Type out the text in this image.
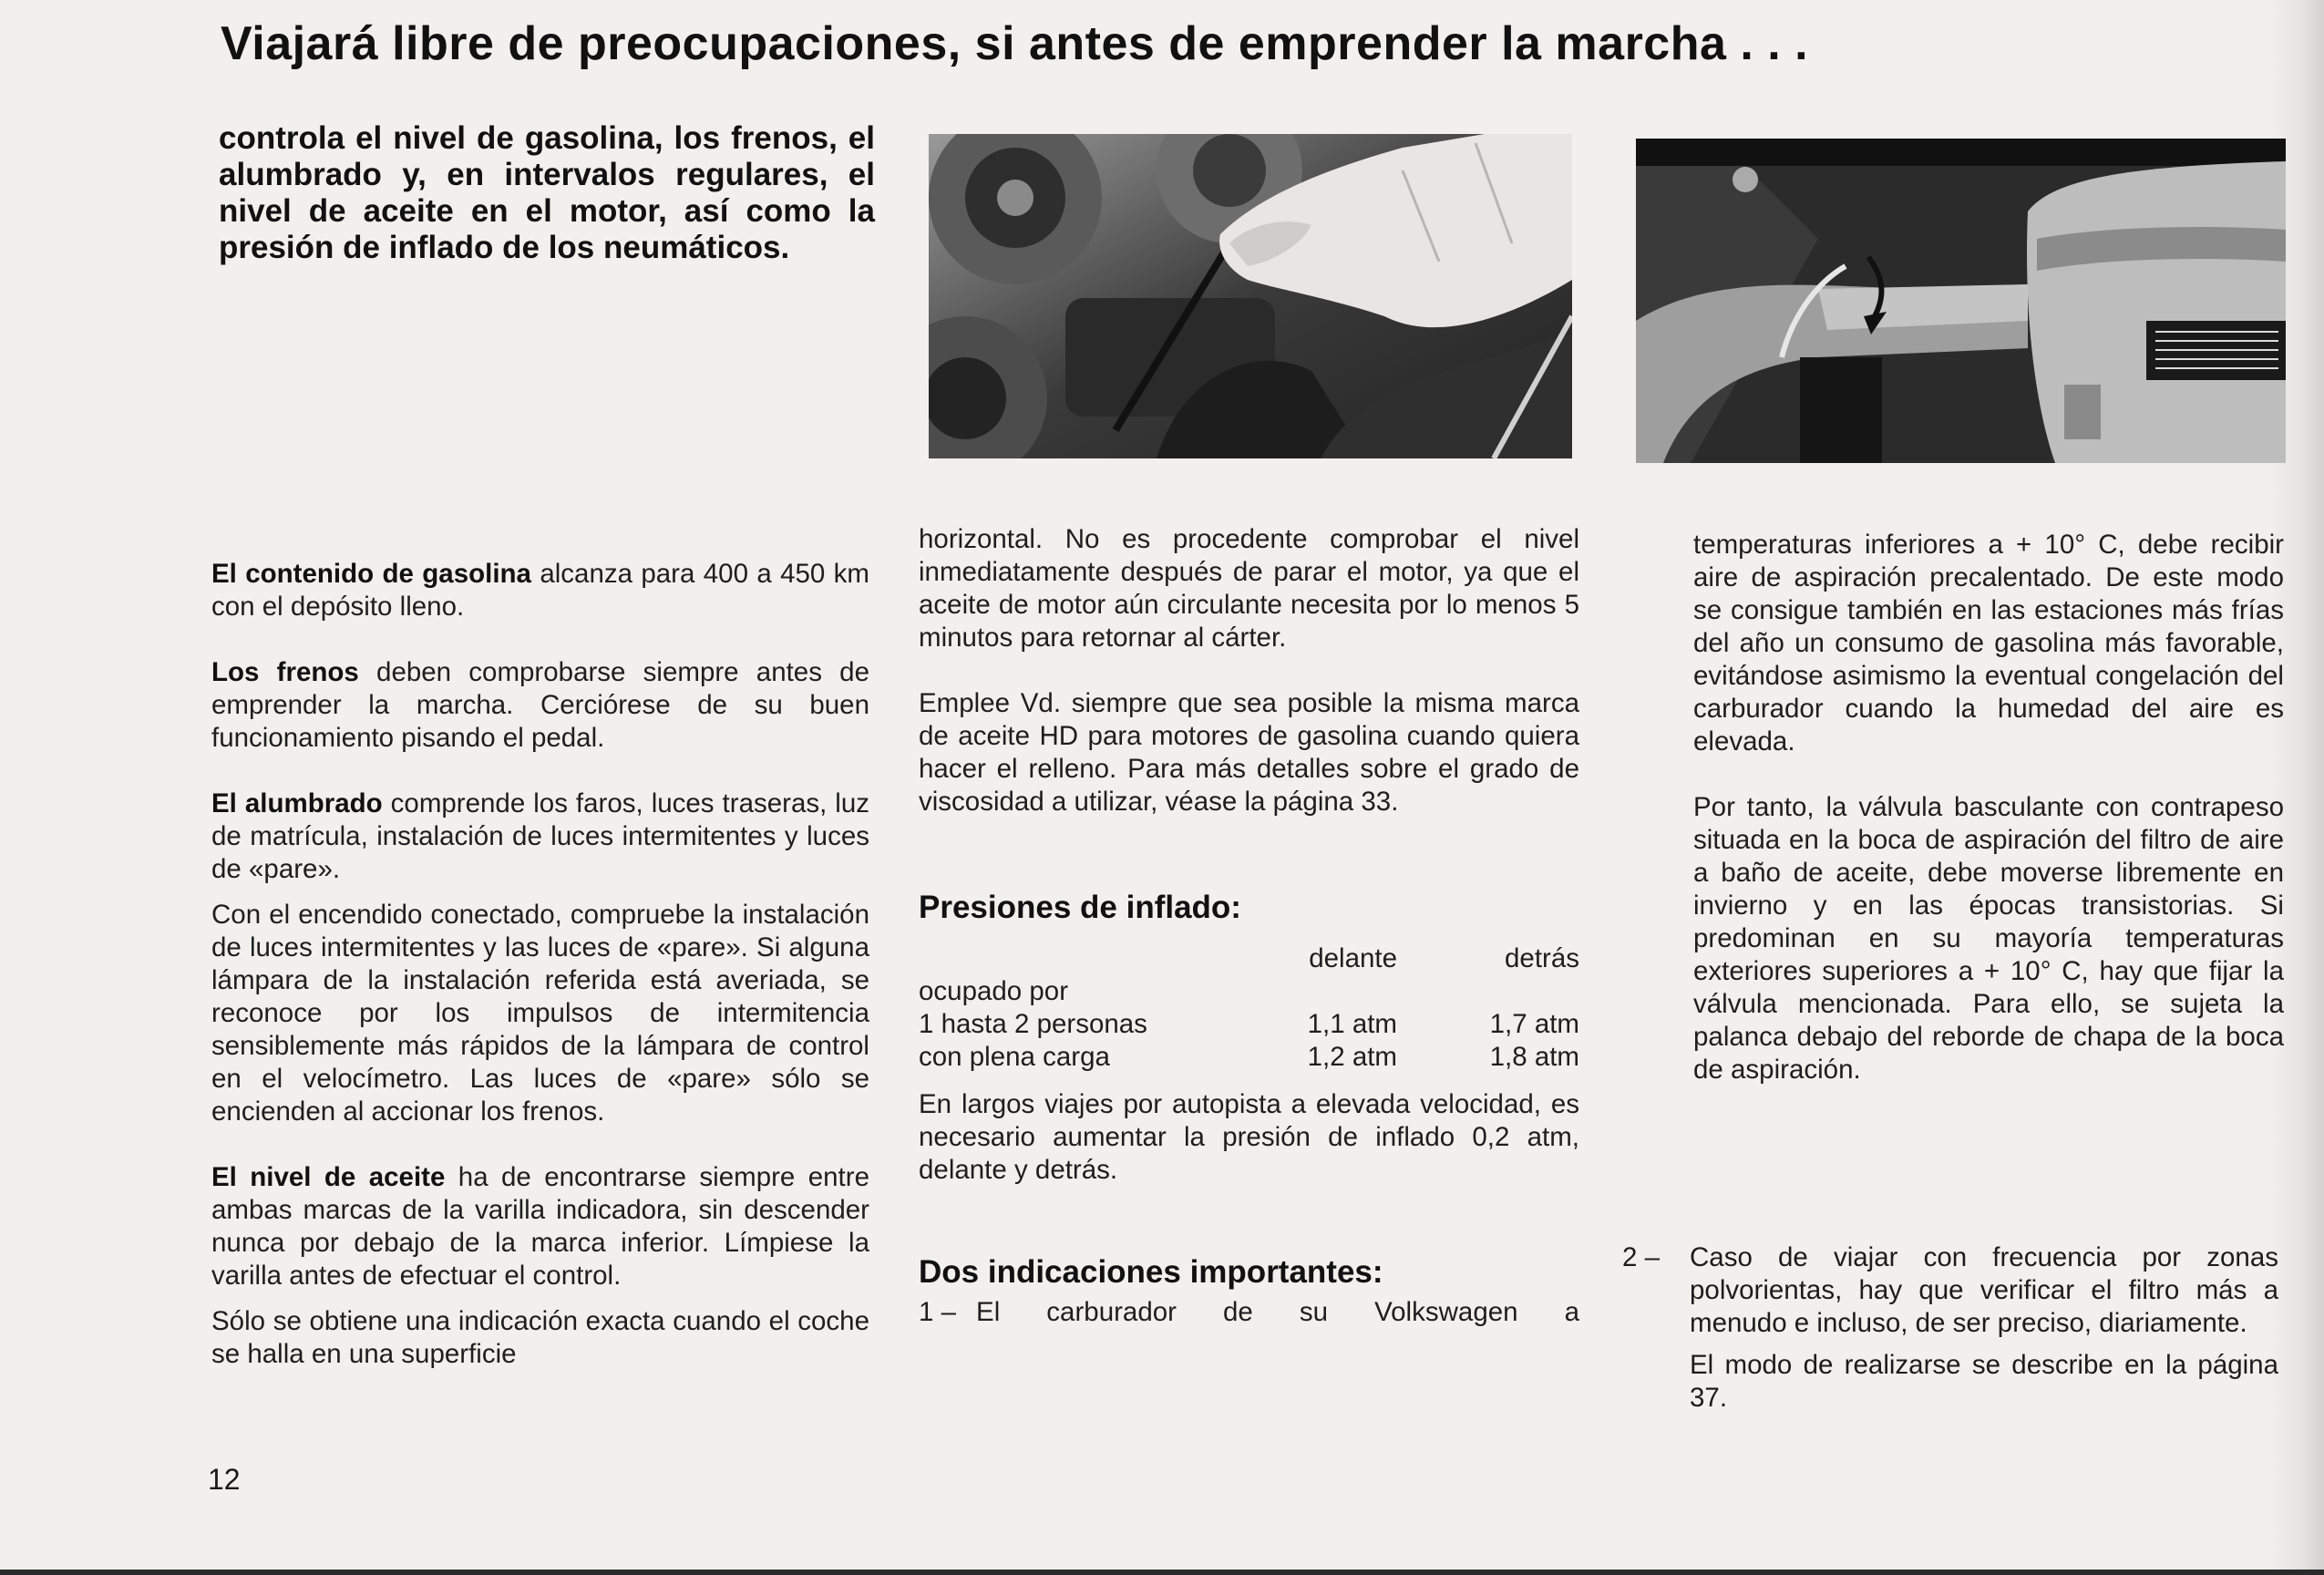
Viajará libre de preocupaciones, si antes de emprender la marcha . . .

controla el nivel de gasolina, los frenos, el alumbrado y, en intervalos regulares, el nivel de aceite en el motor, así como la presión de inflado de los neumáticos.

El contenido de gasolina alcanza para 400 a 450 km con el depósito lleno.

Los frenos deben comprobarse siempre antes de emprender la marcha. Cerciórese de su buen funcionamiento pisando el pedal.

El alumbrado comprende los faros, luces traseras, luz de matrícula, instalación de luces intermitentes y luces de «pare».

Con el encendido conectado, compruebe la instalación de luces intermitentes y las luces de «pare». Si alguna lámpara de la instalación referida está averiada, se reconoce por los impulsos de intermitencia sensiblemente más rápidos de la lámpara de control en el velocímetro. Las luces de «pare» sólo se encienden al accionar los frenos.

El nivel de aceite ha de encontrarse siempre entre ambas marcas de la varilla indicadora, sin descender nunca por debajo de la marca inferior. Límpiese la varilla antes de efectuar el control.

Sólo se obtiene una indicación exacta cuando el coche se halla en una superficie

horizontal. No es procedente comprobar el nivel inmediatamente después de parar el motor, ya que el aceite de motor aún circulante necesita por lo menos 5 minutos para retornar al cárter.

Emplee Vd. siempre que sea posible la misma marca de aceite HD para motores de gasolina cuando quiera hacer el relleno. Para más detalles sobre el grado de viscosidad a utilizar, véase la página 33.

Presiones de inflado:
	delante	detrás
ocupado por		
1 hasta 2 personas	1,1 atm	1,7 atm
con plena carga	1,2 atm	1,8 atm

En largos viajes por autopista a elevada velocidad, es necesario aumentar la presión de inflado 0,2 atm, delante y detrás.

Dos indicaciones importantes:
1 – El carburador de su Volkswagen a

temperaturas inferiores a + 10° C, debe recibir aire de aspiración precalentado. De este modo se consigue también en las estaciones más frías del año un consumo de gasolina más favorable, evitándose asimismo la eventual congelación del carburador cuando la humedad del aire es elevada.

Por tanto, la válvula basculante con contrapeso situada en la boca de aspiración del filtro de aire a baño de aceite, debe moverse libremente en invierno y en las épocas transistorias. Si predominan en su mayoría temperaturas exteriores superiores a + 10° C, hay que fijar la válvula mencionada. Para ello, se sujeta la palanca debajo del reborde de chapa de la boca de aspiración.

2 – Caso de viajar con frecuencia por zonas polvorientas, hay que verificar el filtro más a menudo e incluso, de ser preciso, diariamente.

El modo de realizarse se describe en la página 37.

12
